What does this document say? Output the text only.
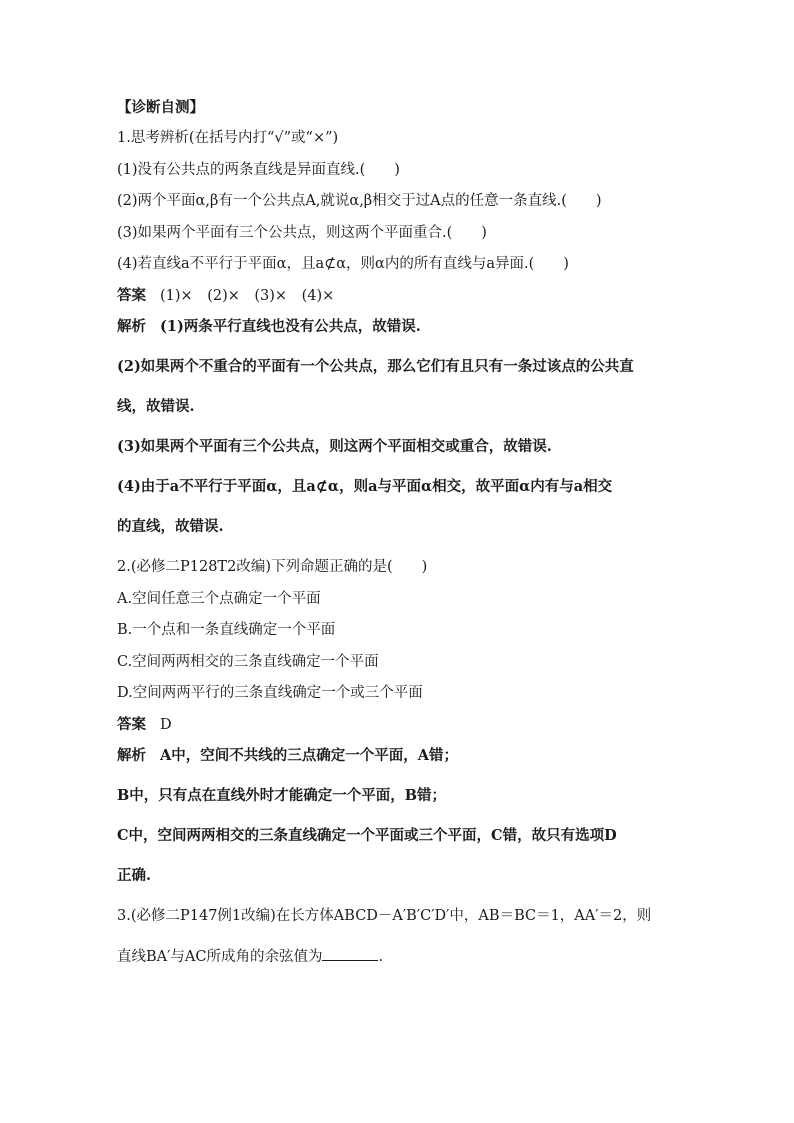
【诊断自测】

1.思考辨析(在括号内打“√”或“×”)

(1)没有公共点的两条直线是异面直线.(　　)

(2)两个平面α,β有一个公共点A,就说α,β相交于过A点的任意一条直线.(　　)

(3)如果两个平面有三个公共点，则这两个平面重合.(　　)

(4)若直线a不平行于平面α，且a⊄α，则α内的所有直线与a异面.(　　)

答案 (1)×　(2)×　(3)×　(4)×

解析 (1)两条平行直线也没有公共点，故错误.

(2)如果两个不重合的平面有一个公共点，那么它们有且只有一条过该点的公共直

线，故错误.

(3)如果两个平面有三个公共点，则这两个平面相交或重合，故错误.

(4)由于a不平行于平面α，且a⊄α，则a与平面α相交，故平面α内有与a相交

的直线，故错误.

2.(必修二P128T2改编)下列命题正确的是(　　)

A.空间任意三个点确定一个平面

B.一个点和一条直线确定一个平面

C.空间两两相交的三条直线确定一个平面

D.空间两两平行的三条直线确定一个或三个平面

答案 D

解析 A中，空间不共线的三点确定一个平面，A错；

B中，只有点在直线外时才能确定一个平面，B错；

C中，空间两两相交的三条直线确定一个平面或三个平面，C错，故只有选项D

正确.

3.(必修二P147例1改编)在长方体ABCD－A′B′C′D′中，AB＝BC＝1，AA′＝2，则

直线BA′与AC所成角的余弦值为	.
